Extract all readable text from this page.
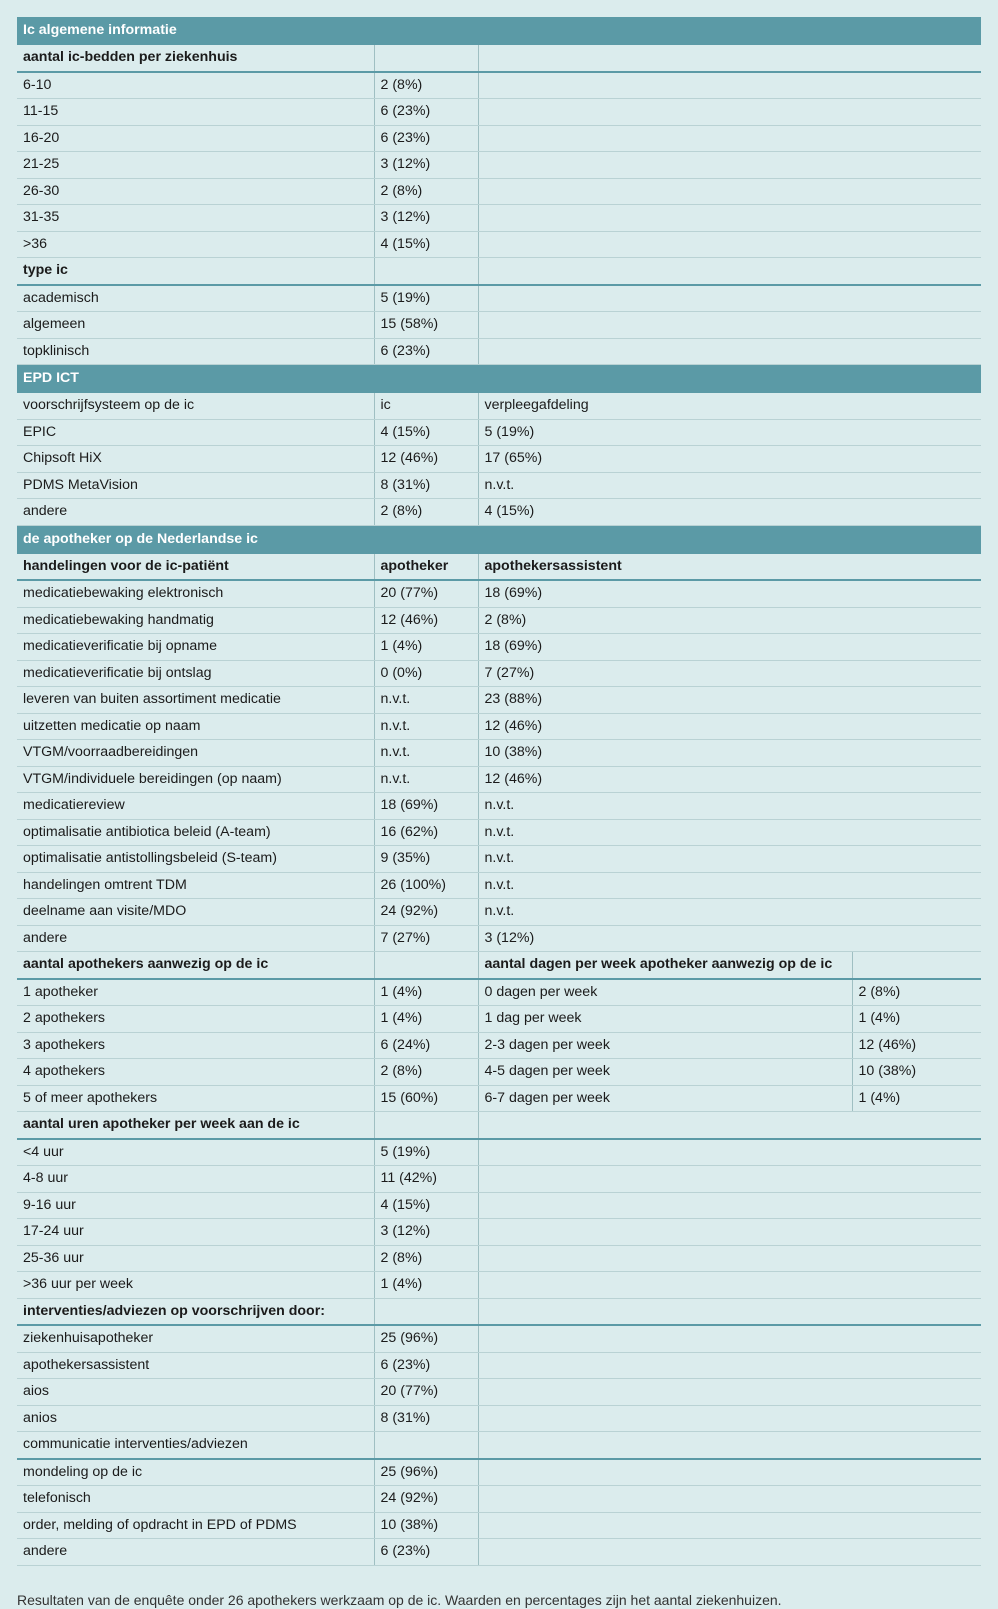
Ic algemene informatie			
aantal ic-bedden per ziekenhuis			
6-10	2 (8%)		
11-15	6 (23%)		
16-20	6 (23%)		
21-25	3 (12%)		
26-30	2 (8%)		
31-35	3 (12%)		
>36	4 (15%)		
type ic			
academisch	5 (19%)		
algemeen	15 (58%)		
topklinisch	6 (23%)		
EPD ICT			
voorschrijfsysteem op de ic	ic	verpleegafdeling	
EPIC	4 (15%)	5 (19%)	
Chipsoft HiX	12 (46%)	17 (65%)	
PDMS MetaVision	8 (31%)	n.v.t.	
andere	2 (8%)	4 (15%)	
de apotheker op de Nederlandse ic			
handelingen voor de ic-patiënt	apotheker	apothekersassistent	
medicatiebewaking elektronisch	20 (77%)	18 (69%)	
medicatiebewaking handmatig	12 (46%)	2 (8%)	
medicatieverificatie bij opname	1 (4%)	18 (69%)	
medicatieverificatie bij ontslag	0 (0%)	7 (27%)	
leveren van buiten assortiment medicatie	n.v.t.	23 (88%)	
uitzetten medicatie op naam	n.v.t.	12 (46%)	
VTGM/voorraadbereidingen	n.v.t.	10 (38%)	
VTGM/individuele bereidingen (op naam)	n.v.t.	12 (46%)	
medicatiereview	18 (69%)	n.v.t.	
optimalisatie antibiotica beleid (A-team)	16 (62%)	n.v.t.	
optimalisatie antistollingsbeleid (S-team)	9 (35%)	n.v.t.	
handelingen omtrent TDM	26 (100%)	n.v.t.	
deelname aan visite/MDO	24 (92%)	n.v.t.	
andere	7 (27%)	3 (12%)	
aantal apothekers aanwezig op de ic		aantal dagen per week apotheker aanwezig op de ic	
1 apotheker	1 (4%)	0 dagen per week	2 (8%)
2 apothekers	1 (4%)	1 dag per week	1 (4%)
3 apothekers	6 (24%)	2-3 dagen per week	12 (46%)
4 apothekers	2 (8%)	4-5 dagen per week	10 (38%)
5 of meer apothekers	15 (60%)	6-7 dagen per week	1 (4%)
aantal uren apotheker per week aan de ic			
<4 uur	5 (19%)		
4-8 uur	11 (42%)		
9-16 uur	4 (15%)		
17-24 uur	3 (12%)		
25-36 uur	2 (8%)		
>36 uur per week	1 (4%)		
interventies/adviezen op voorschrijven door:			
ziekenhuisapotheker	25 (96%)		
apothekersassistent	6 (23%)		
aios	20 (77%)		
anios	8 (31%)		
communicatie interventies/adviezen			
mondeling op de ic	25 (96%)		
telefonisch	24 (92%)		
order, melding of opdracht in EPD of PDMS	10 (38%)		
andere	6 (23%)		
Resultaten van de enquête onder 26 apothekers werkzaam op de ic. Waarden en percentages zijn het aantal ziekenhuizen.
